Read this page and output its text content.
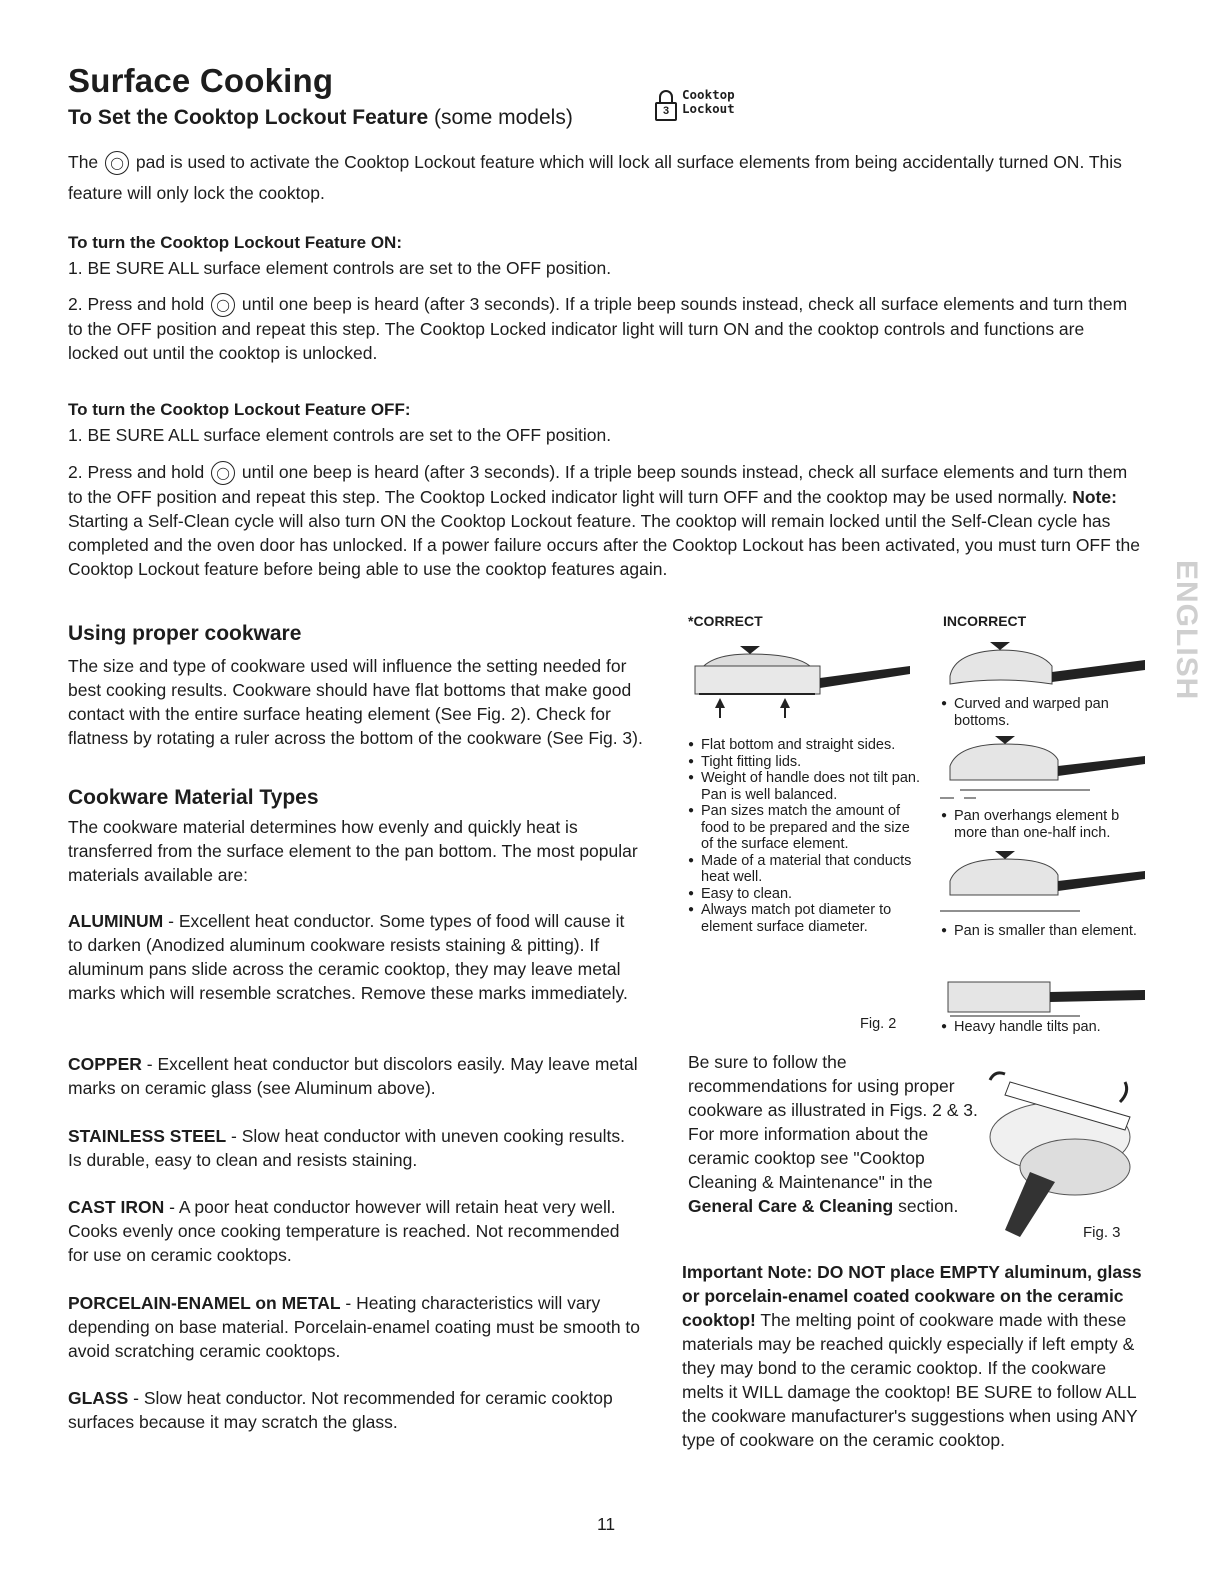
Surface Cooking
To Set the Cooktop Lockout Feature (some models)	3
Cooktop
Lockout

The ◯ pad is used to activate the Cooktop Lockout feature which will lock all surface elements from being accidentally turned ON. This feature will only lock the cooktop.

To turn the Cooktop Lockout Feature ON:

1. BE SURE ALL surface element controls are set to the OFF position.

2. Press and hold ◯ until one beep is heard (after 3 seconds). If a triple beep sounds instead, check all surface elements and turn them to the OFF position and repeat this step. The Cooktop Locked indicator light will turn ON and the cooktop controls and functions are locked out until the cooktop is unlocked.

To turn the Cooktop Lockout Feature OFF:

1. BE SURE ALL surface element controls are set to the OFF position.

2. Press and hold ◯ until one beep is heard (after 3 seconds). If a triple beep sounds instead, check all surface elements and turn them to the OFF position and repeat this step. The Cooktop Locked indicator light will turn OFF and the cooktop may be used normally. Note: Starting a Self-Clean cycle will also turn ON the Cooktop Lockout feature. The cooktop will remain locked until the Self-Clean cycle has completed and the oven door has unlocked. If a power failure occurs after the Cooktop Lockout has been activated, you must turn OFF the Cooktop Lockout feature before being able to use the cooktop features again.

Using proper cookware

The size and type of cookware used will influence the setting needed for best cooking results. Cookware should have flat bottoms that make good contact with the entire surface heating element (See Fig. 2). Check for flatness by rotating a ruler across the bottom of the cookware (See Fig. 3).

Cookware Material Types

The cookware material determines how evenly and quickly heat is transferred from the surface element to the pan bottom. The most popular materials available are:

ALUMINUM - Excellent heat conductor. Some types of food will cause it to darken (Anodized aluminum cookware resists staining & pitting). If aluminum pans slide across the ceramic cooktop, they may leave metal marks which will resemble scratches. Remove these marks immediately.

COPPER - Excellent heat conductor but discolors easily. May leave metal marks on ceramic glass (see Aluminum above).

STAINLESS STEEL - Slow heat conductor with uneven cooking results. Is durable, easy to clean and resists staining.

CAST IRON - A poor heat conductor however will retain heat very well. Cooks evenly once cooking temperature is reached. Not recommended for use on ceramic cooktops.

PORCELAIN-ENAMEL on METAL - Heating characteristics will vary depending on base material. Porcelain-enamel coating must be smooth to avoid scratching ceramic cooktops.

GLASS - Slow heat conductor. Not recommended for ceramic cooktop surfaces because it may scratch the glass.

*CORRECT
● Flat bottom and straight sides.
● Tight fitting lids.
● Weight of handle does not tilt pan. Pan is well balanced.
● Pan sizes match the amount of food to be prepared and the size of the surface element.
● Made of a material that conducts heat well.
● Easy to clean.
● Always match pot diameter to element surface diameter.
Fig. 2
INCORRECT
● Curved and warped pan bottoms.
● Pan overhangs element b more than one-half inch.
● Pan is smaller than element.
● Heavy handle tilts pan.

Be sure to follow the recommendations for using proper cookware as illustrated in Figs. 2 & 3. For more information about the ceramic cooktop see "Cooktop Cleaning & Maintenance" in the General Care & Cleaning section.

Fig. 3

Important Note: DO NOT place EMPTY aluminum, glass or porcelain-enamel coated cookware on the ceramic cooktop! The melting point of cookware made with these materials may be reached quickly especially if left empty & they may bond to the ceramic cooktop. If the cookware melts it WILL damage the cooktop! BE SURE to follow ALL the cookware manufacturer's suggestions when using ANY type of cookware on the ceramic cooktop.

11
ENGLISH
